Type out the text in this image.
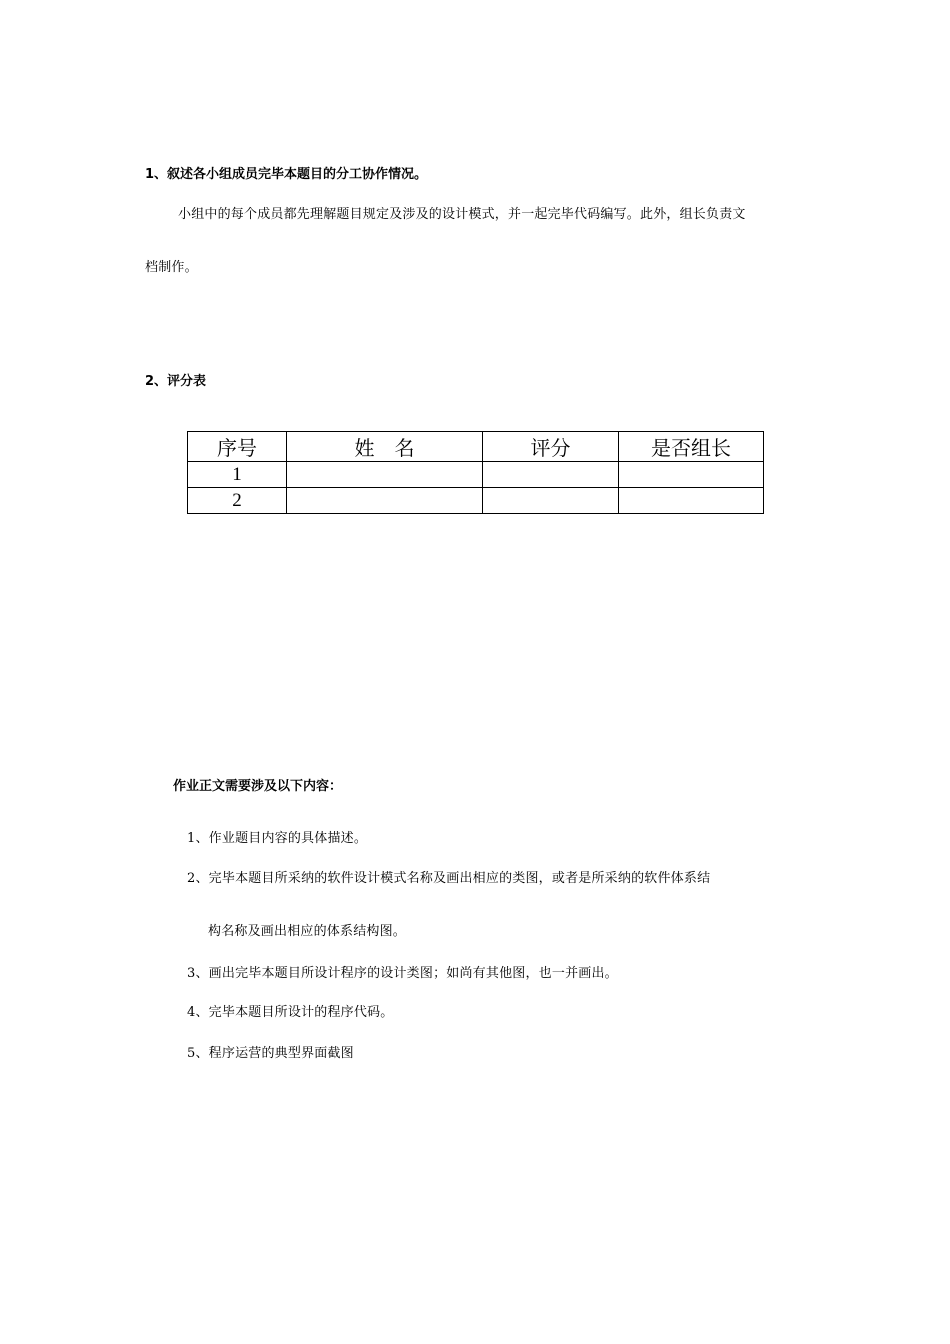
1、叙述各小组成员完毕本题目的分工协作情况。
小组中的每个成员都先理解题目规定及涉及的设计模式，并一起完毕代码编写。此外，组长负责文
档制作。
2、评分表
序号	姓　名	评分	是否组长
1			
2			
作业正文需要涉及以下内容：
1、作业题目内容的具体描述。
2、完毕本题目所采纳的软件设计模式名称及画出相应的类图，或者是所采纳的软件体系结
构名称及画出相应的体系结构图。
3、画出完毕本题目所设计程序的设计类图；如尚有其他图，也一并画出。
4、完毕本题目所设计的程序代码。
5、程序运营的典型界面截图
